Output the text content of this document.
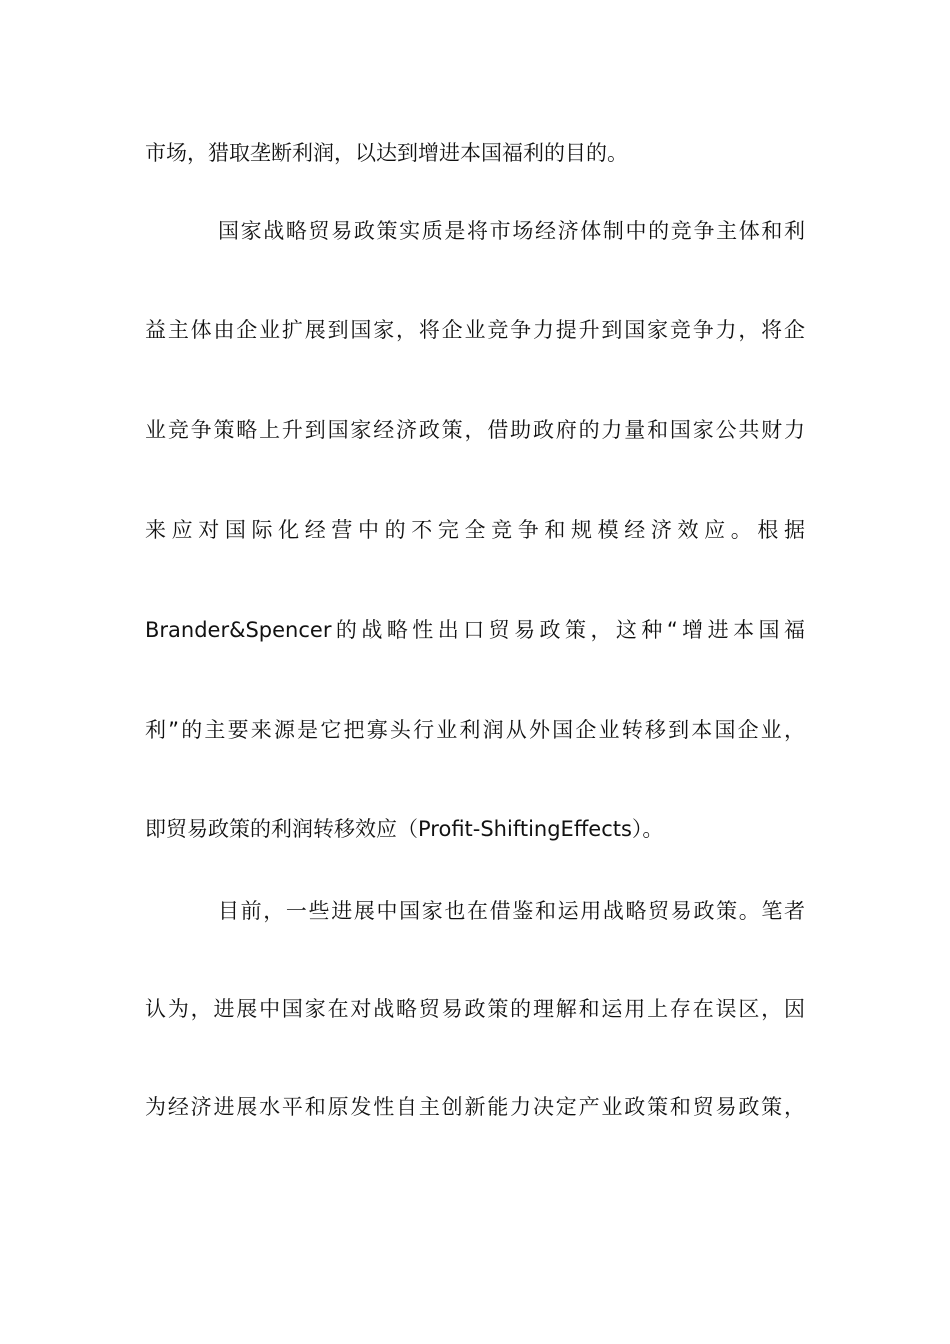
市场，猎取垄断利润，以达到增进本国福利的目的。
国家战略贸易政策实质是将市场经济体制中的竞争主体和利
益主体由企业扩展到国家，将企业竞争力提升到国家竞争力，将企
业竞争策略上升到国家经济政策，借助政府的力量和国家公共财力
来应对国际化经营中的不完全竞争和规模经济效应。根据
Brander&Spencer的战略性出口贸易政策，这种“增进本国福
利”的主要来源是它把寡头行业利润从外国企业转移到本国企业，
即贸易政策的利润转移效应（Profit-ShiftingEffects）。
目前，一些进展中国家也在借鉴和运用战略贸易政策。笔者
认为，进展中国家在对战略贸易政策的理解和运用上存在误区，因
为经济进展水平和原发性自主创新能力决定产业政策和贸易政策，
